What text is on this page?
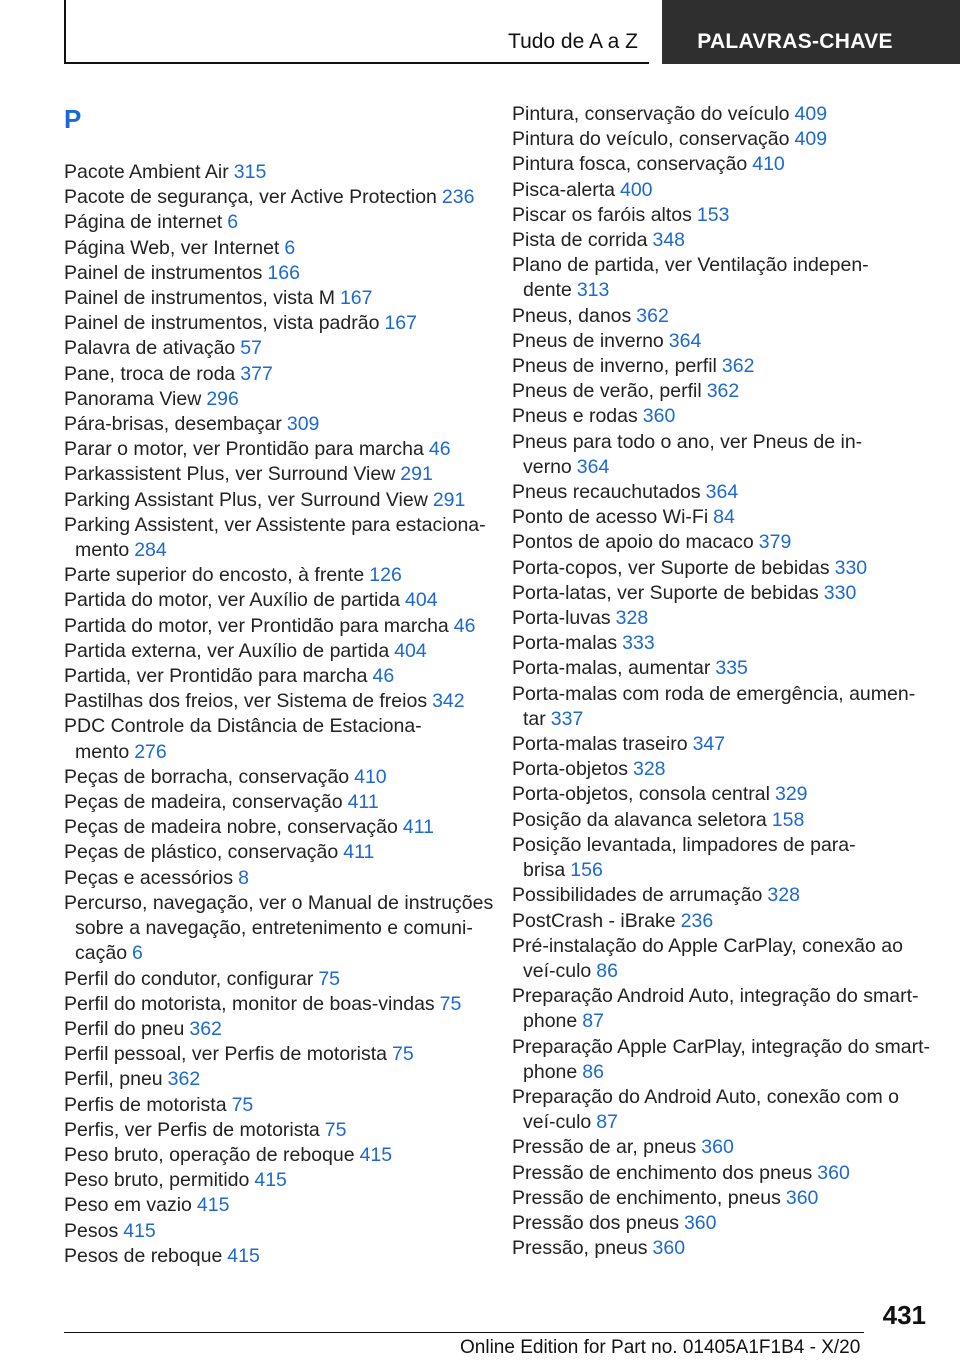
Tudo de A a Z	PALAVRAS-CHAVE
P
Pacote Ambient Air 315
Pacote de segurança, ver Active Protection 236
Página de internet 6
Página Web, ver Internet 6
Painel de instrumentos 166
Painel de instrumentos, vista M 167
Painel de instrumentos, vista padrão 167
Palavra de ativação 57
Pane, troca de roda 377
Panorama View 296
Pára-brisas, desembaçar 309
Parar o motor, ver Prontidão para marcha 46
Parkassistent Plus, ver Surround View 291
Parking Assistant Plus, ver Surround View 291
Parking Assistent, ver Assistente para estaciona-mento 284
Parte superior do encosto, à frente 126
Partida do motor, ver Auxílio de partida 404
Partida do motor, ver Prontidão para marcha 46
Partida externa, ver Auxílio de partida 404
Partida, ver Prontidão para marcha 46
Pastilhas dos freios, ver Sistema de freios 342
PDC Controle da Distância de Estaciona-mento 276
Peças de borracha, conservação 410
Peças de madeira, conservação 411
Peças de madeira nobre, conservação 411
Peças de plástico, conservação 411
Peças e acessórios 8
Percurso, navegação, ver o Manual de instruções sobre a navegação, entretenimento e comuni-cação 6
Perfil do condutor, configurar 75
Perfil do motorista, monitor de boas-vindas 75
Perfil do pneu 362
Perfil pessoal, ver Perfis de motorista 75
Perfil, pneu 362
Perfis de motorista 75
Perfis, ver Perfis de motorista 75
Peso bruto, operação de reboque 415
Peso bruto, permitido 415
Peso em vazio 415
Pesos 415
Pesos de reboque 415
Pintura, conservação do veículo 409
Pintura do veículo, conservação 409
Pintura fosca, conservação 410
Pisca-alerta 400
Piscar os faróis altos 153
Pista de corrida 348
Plano de partida, ver Ventilação indepen-dente 313
Pneus, danos 362
Pneus de inverno 364
Pneus de inverno, perfil 362
Pneus de verão, perfil 362
Pneus e rodas 360
Pneus para todo o ano, ver Pneus de in-verno 364
Pneus recauchutados 364
Ponto de acesso Wi-Fi 84
Pontos de apoio do macaco 379
Porta-copos, ver Suporte de bebidas 330
Porta-latas, ver Suporte de bebidas 330
Porta-luvas 328
Porta-malas 333
Porta-malas, aumentar 335
Porta-malas com roda de emergência, aumen-tar 337
Porta-malas traseiro 347
Porta-objetos 328
Porta-objetos, consola central 329
Posição da alavanca seletora 158
Posição levantada, limpadores de para-brisa 156
Possibilidades de arrumação 328
PostCrash - iBrake 236
Pré-instalação do Apple CarPlay, conexão ao veí-culo 86
Preparação Android Auto, integração do smart-phone 87
Preparação Apple CarPlay, integração do smart-phone 86
Preparação do Android Auto, conexão com o veí-culo 87
Pressão de ar, pneus 360
Pressão de enchimento dos pneus 360
Pressão de enchimento, pneus 360
Pressão dos pneus 360
Pressão, pneus 360
431
Online Edition for Part no. 01405A1F1B4 - X/20
